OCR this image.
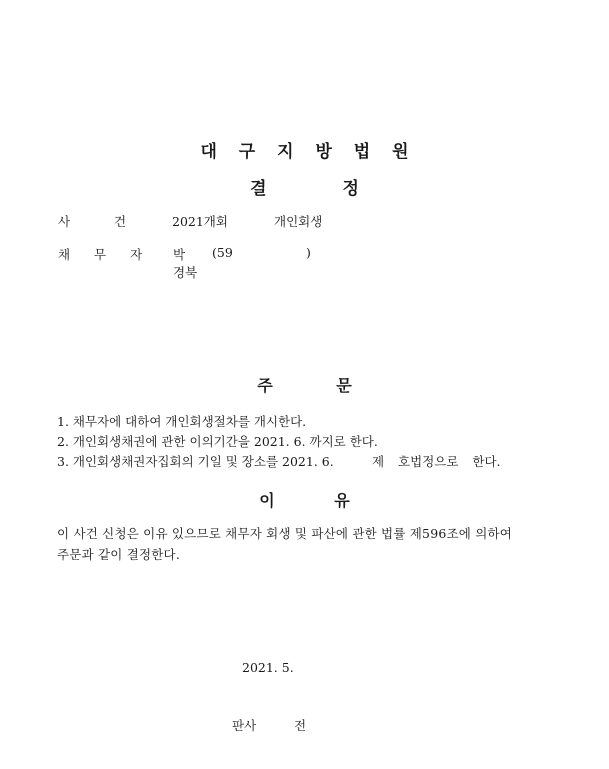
대 구 지 방 법 원
결 정
사 건	2021개회	개인회생
채 무 자 박 (59	)
경북
주 문
1. 채무자에 대하여 개인회생절차를 개시한다.
2. 개인회생채권에 관한 이의기간을 2021. 6. 까지로 한다.
3. 개인회생채권자집회의 기일 및 장소를 2021. 6.	제 호법정으로 한다.
이 유
이 사건 신청은 이유 있으므로 채무자 회생 및 파산에 관한 법률 제596조에 의하여
주문과 같이 결정한다.
2021. 5.
판사	전
